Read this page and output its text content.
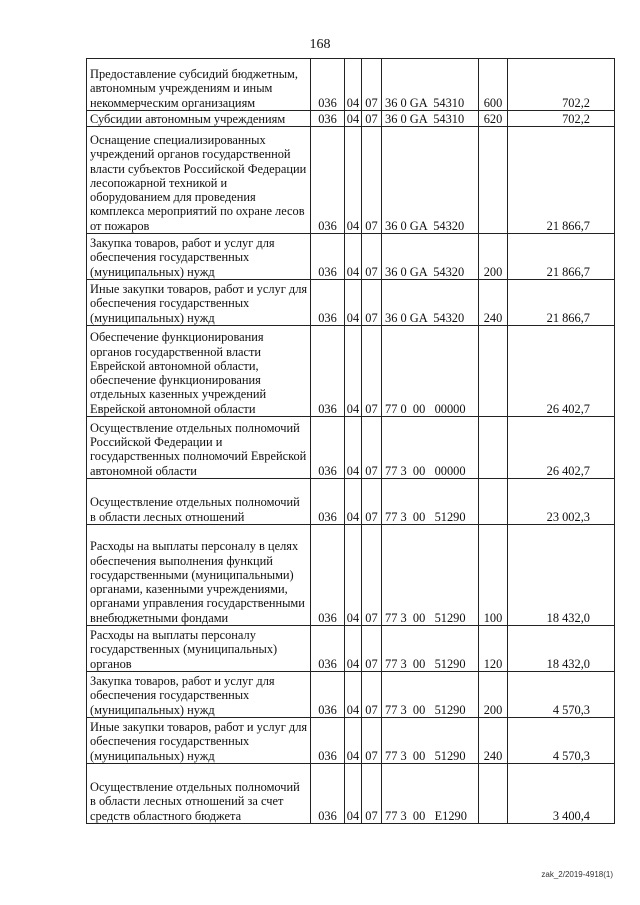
168
Предоставление субсидий бюджетным, автономным учреждениям и иным некоммерческим организациям	036	04	07	36 0 GA  54310	600	702,2
Субсидии автономным учреждениям	036	04	07	36 0 GA  54310	620	702,2
Оснащение специализированных учреждений органов государственной власти субъектов Российской Федерации лесопожарной техникой и оборудованием для проведения комплекса мероприятий по охране лесов от пожаров	036	04	07	36 0 GA  54320		21 866,7
Закупка товаров, работ и услуг для обеспечения государственных (муниципальных) нужд	036	04	07	36 0 GA  54320	200	21 866,7
Иные закупки товаров, работ и услуг для обеспечения государственных (муниципальных) нужд	036	04	07	36 0 GA  54320	240	21 866,7
Обеспечение функционирования органов государственной власти Еврейской автономной области, обеспечение функционирования отдельных казенных учреждений Еврейской автономной области	036	04	07	77 0  00   00000		26 402,7
Осуществление отдельных полномочий Российской Федерации и государственных полномочий Еврейской автономной области	036	04	07	77 3  00   00000		26 402,7
Осуществление отдельных полномочий в области лесных отношений	036	04	07	77 3  00   51290		23 002,3
Расходы на выплаты персоналу в целях обеспечения выполнения функций государственными (муниципальными) органами, казенными учреждениями, органами управления государственными внебюджетными фондами	036	04	07	77 3  00   51290	100	18 432,0
Расходы на выплаты персоналу государственных (муниципальных) органов	036	04	07	77 3  00   51290	120	18 432,0
Закупка товаров, работ и услуг для обеспечения государственных (муниципальных) нужд	036	04	07	77 3  00   51290	200	4 570,3
Иные закупки товаров, работ и услуг для обеспечения государственных (муниципальных) нужд	036	04	07	77 3  00   51290	240	4 570,3
Осуществление отдельных полномочий в области лесных отношений за счет средств областного бюджета	036	04	07	77 3  00   E1290		3 400,4
zak_2/2019-4918(1)
